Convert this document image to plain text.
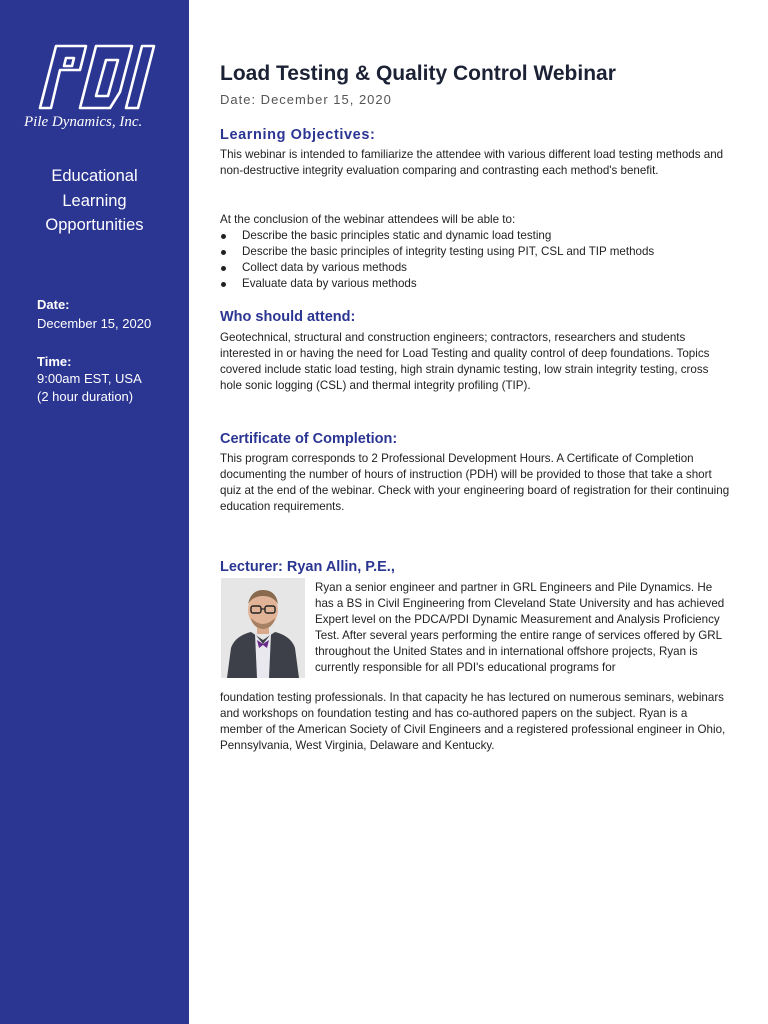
Pile Dynamics, Inc.
Educational
Learning
Opportunities
Date:
December 15, 2020
Time:
9:00am EST, USA
(2 hour duration)
Load Testing & Quality Control Webinar
Date: December 15, 2020
Learning Objectives:
This webinar is intended to familiarize the attendee with various different load testing methods and non-destructive integrity evaluation comparing and contrasting each method's benefit.
At the conclusion of the webinar attendees will be able to:
Describe the basic principles static and dynamic load testing
Describe the basic principles of integrity testing using PIT, CSL and TIP methods
Collect data by various methods
Evaluate data by various methods
Who should attend:
Geotechnical, structural and construction engineers; contractors, researchers and students interested in or having the need for Load Testing and quality control of deep foundations. Topics covered include static load testing, high strain dynamic testing, low strain integrity testing, cross hole sonic logging (CSL) and thermal integrity profiling (TIP).
Certificate of Completion:
This program corresponds to 2 Professional Development Hours. A Certificate of Completion documenting the number of hours of instruction (PDH) will be provided to those that take a short quiz at the end of the webinar. Check with your engineering board of registration for their continuing education requirements.
Lecturer: Ryan Allin, P.E.,
Ryan a senior engineer and partner in GRL Engineers and Pile Dynamics. He has a BS in Civil Engineering from Cleveland State University and has achieved Expert level on the PDCA/PDI Dynamic Measurement and Analysis Proficiency Test. After several years performing the entire range of services offered by GRL throughout the United States and in international offshore projects, Ryan is currently responsible for all PDI's educational programs for
foundation testing professionals. In that capacity he has lectured on numerous seminars, webinars and workshops on foundation testing and has co-authored papers on the subject. Ryan is a member of the American Society of Civil Engineers and a registered professional engineer in Ohio, Pennsylvania, West Virginia, Delaware and Kentucky.
